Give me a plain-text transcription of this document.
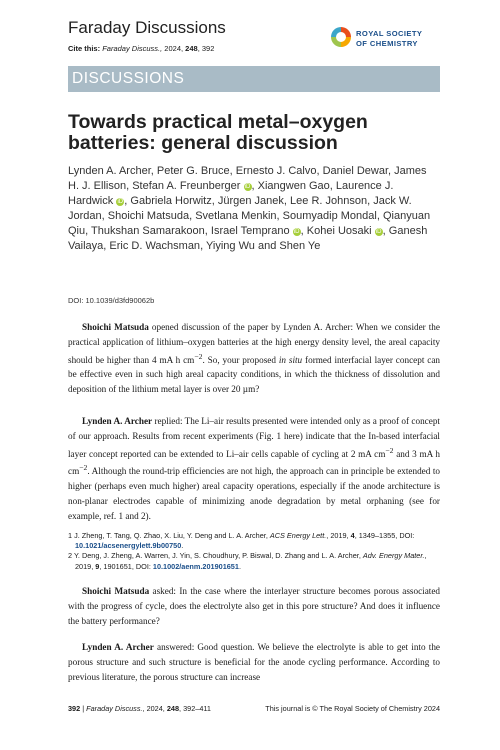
Faraday Discussions
Cite this: Faraday Discuss., 2024, 248, 392
ROYAL SOCIETY
OF CHEMISTRY
DISCUSSIONS
Towards practical metal–oxygen batteries: general discussion
Lynden A. Archer, Peter G. Bruce, Ernesto J. Calvo, Daniel Dewar, James H. J. Ellison, Stefan A. Freunberger iD, Xiangwen Gao, Laurence J. Hardwick iD, Gabriela Horwitz, Jürgen Janek, Lee R. Johnson, Jack W. Jordan, Shoichi Matsuda, Svetlana Menkin, Soumyadip Mondal, Qianyuan Qiu, Thukshan Samarakoon, Israel Temprano iD, Kohei Uosaki iD, Ganesh Vailaya, Eric D. Wachsman, Yiying Wu and Shen Ye
DOI: 10.1039/d3fd90062b
Shoichi Matsuda opened discussion of the paper by Lynden A. Archer: When we consider the practical application of lithium–oxygen batteries at the high energy density level, the areal capacity should be higher than 4 mA h $cm^{-2}$. So, your proposed in situ formed interfacial layer concept can be effective even in such high areal capacity conditions, in which the thickness of dissolution and deposition of the lithium metal layer is over 20 µm?
Lynden A. Archer replied: The Li–air results presented were intended only as a proof of concept of our approach. Results from recent experiments (Fig. 1 here) indicate that the In-based interfacial layer concept reported can be extended to Li–air cells capable of cycling at 2 mA $cm^{-2}$ and 3 mA h $cm^{-2}$. Although the round-trip efficiencies are not high, the approach can in principle be extended to higher (perhaps even much higher) areal capacity operations, especially if the anode architecture is non-planar electrodes capable of minimizing anode degradation by metal orphaning (see for example, ref. 1 and 2).
1 J. Zheng, T. Tang, Q. Zhao, X. Liu, Y. Deng and L. A. Archer, ACS Energy Lett., 2019, 4, 1349–1355, DOI: 10.1021/acsenergylett.9b00750.
2 Y. Deng, J. Zheng, A. Warren, J. Yin, S. Choudhury, P. Biswal, D. Zhang and L. A. Archer, Adv. Energy Mater., 2019, 9, 1901651, DOI: 10.1002/aenm.201901651.
Shoichi Matsuda asked: In the case where the interlayer structure becomes porous associated with the progress of cycle, does the electrolyte also get in this pore structure? And does it influence the battery performance?
Lynden A. Archer answered: Good question. We believe the electrolyte is able to get into the porous structure and such structure is beneficial for the anode cycling performance. According to previous literature, the porous structure can increase
392 | Faraday Discuss., 2024, 248, 392–411	This journal is © The Royal Society of Chemistry 2024
